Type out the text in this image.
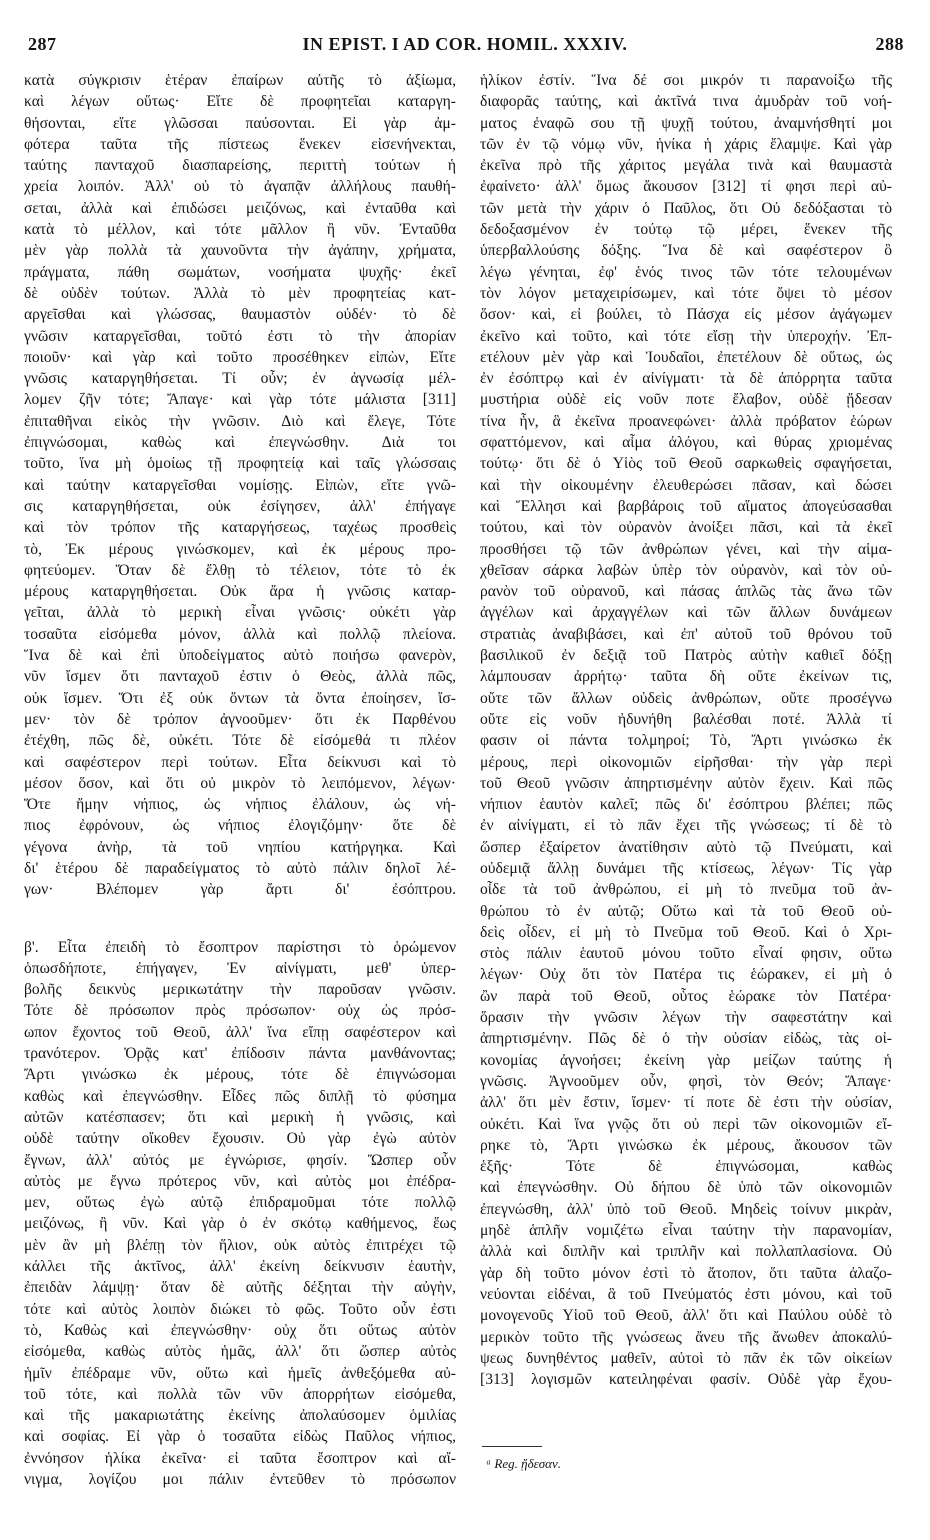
287	IN EPIST. I AD COR. HOMIL. XXXIV.	288
κατὰ σύγκρισιν ἑτέραν ἐπαίρων αὐτῆς τὸ ἀξίωμα,
καὶ λέγων οὕτως· Εἴτε δὲ προφητεῖαι καταργη-
θήσονται, εἴτε γλῶσσαι παύσονται. Εἰ γὰρ ἀμ-
φότερα ταῦτα τῆς πίστεως ἕνεκεν εἰσενήνεκται,
ταύτης πανταχοῦ διασπαρείσης, περιττὴ τούτων ἡ
χρεία λοιπόν. Ἀλλ' οὐ τὸ ἀγαπᾷν ἀλλήλους παυθή-
σεται, ἀλλὰ καὶ ἐπιδώσει μειζόνως, καὶ ἐνταῦθα καὶ
κατὰ τὸ μέλλον, καὶ τότε μᾶλλον ἢ νῦν. Ἐνταῦθα
μὲν γὰρ πολλὰ τὰ χαυνοῦντα τὴν ἀγάπην, χρήματα,
πράγματα, πάθη σωμάτων, νοσήματα ψυχῆς· ἐκεῖ
δὲ οὐδὲν τούτων. Ἀλλὰ τὸ μὲν προφητείας κατ-
αργεῖσθαι καὶ γλώσσας, θαυμαστὸν οὐδέν· τὸ δὲ
γνῶσιν καταργεῖσθαι, τοῦτό ἐστι τὸ τὴν ἀπορίαν
ποιοῦν· καὶ γὰρ καὶ τοῦτο προσέθηκεν εἰπὼν, Εἴτε
γνῶσις καταργηθήσεται. Τί οὖν; ἐν ἀγνωσίᾳ μέλ-
λομεν ζῆν τότε; Ἄπαγε· καὶ γὰρ τότε μάλιστα [311]
ἐπιταθῆναι εἰκὸς τὴν γνῶσιν. Διὸ καὶ ἔλεγε, Τότε
ἐπιγνώσομαι, καθὼς καὶ ἐπεγνώσθην. Διὰ τοι
τοῦτο, ἵνα μὴ ὁμοίως τῇ προφητείᾳ καὶ ταῖς γλώσσαις
καὶ ταύτην καταργεῖσθαι νομίσῃς. Εἰπὼν, εἴτε γνῶ-
σις καταργηθήσεται, οὐκ ἐσίγησεν, ἀλλ' ἐπήγαγε
καὶ τὸν τρόπον τῆς καταργήσεως, ταχέως προσθεὶς
τὸ, Ἐκ μέρους γινώσκομεν, καὶ ἐκ μέρους προ-
φητεύομεν. Ὅταν δὲ ἔλθῃ τὸ τέλειον, τότε τὸ ἐκ
μέρους καταργηθήσεται. Οὐκ ἄρα ἡ γνῶσις καταρ-
γεῖται, ἀλλὰ τὸ μερικὴ εἶναι γνῶσις· οὐκέτι γὰρ
τοσαῦτα εἰσόμεθα μόνον, ἀλλὰ καὶ πολλῷ πλείονα.
Ἵνα δὲ καὶ ἐπὶ ὑποδείγματος αὐτὸ ποιήσω φανερὸν,
νῦν ἴσμεν ὅτι πανταχοῦ ἐστιν ὁ Θεὸς, ἀλλὰ πῶς,
οὐκ ἴσμεν. Ὅτι ἐξ οὐκ ὄντων τὰ ὄντα ἐποίησεν, ἴσ-
μεν· τὸν δὲ τρόπον ἀγνοοῦμεν· ὅτι ἐκ Παρθένου
ἐτέχθη, πῶς δὲ, οὐκέτι. Τότε δὲ εἰσόμεθά τι πλέον
καὶ σαφέστερον περὶ τούτων. Εἶτα δείκνυσι καὶ τὸ
μέσον ὅσον, καὶ ὅτι οὐ μικρὸν τὸ λειπόμενον, λέγων·
Ὅτε ἤμην νήπιος, ὡς νήπιος ἐλάλουν, ὡς νή-
πιος ἐφρόνουν, ὡς νήπιος ἐλογιζόμην· ὅτε δὲ
γέγονα ἀνὴρ, τὰ τοῦ νηπίου κατήργηκα. Καὶ
δι' ἑτέρου δὲ παραδείγματος τὸ αὐτὸ πάλιν δηλοῖ λέ-
γων· Βλέπομεν γὰρ ἄρτι δι' ἐσόπτρου.
β'. Εἶτα ἐπειδὴ τὸ ἔσοπτρον παρίστησι τὸ ὁρώμενον
ὁπωσδήποτε, ἐπήγαγεν, Ἐν αἰνίγματι, μεθ' ὑπερ-
βολῆς δεικνὺς μερικωτάτην τὴν παροῦσαν γνῶσιν.
Τότε δὲ πρόσωπον πρὸς πρόσωπον· οὐχ ὡς πρόσ-
ωπον ἔχοντος τοῦ Θεοῦ, ἀλλ' ἵνα εἴπῃ σαφέστερον καὶ
τρανότερον. Ὁρᾷς κατ' ἐπίδοσιν πάντα μανθάνοντας;
Ἄρτι γινώσκω ἐκ μέρους, τότε δὲ ἐπιγνώσομαι
καθὼς καὶ ἐπεγνώσθην. Εἶδες πῶς διπλῇ τὸ φύσημα
αὐτῶν κατέσπασεν; ὅτι καὶ μερικὴ ἡ γνῶσις, καὶ
οὐδὲ ταύτην οἴκοθεν ἔχουσιν. Οὐ γὰρ ἐγὼ αὐτὸν
ἔγνων, ἀλλ' αὐτός με ἐγνώρισε, φησίν. Ὥσπερ οὖν
αὐτὸς με ἔγνω πρότερος νῦν, καὶ αὐτὸς μοι ἐπέδρα-
μεν, οὕτως ἐγὼ αὐτῷ ἐπιδραμοῦμαι τότε πολλῷ
μειζόνως, ἢ νῦν. Καὶ γὰρ ὁ ἐν σκότῳ καθήμενος, ἕως
μὲν ἂν μὴ βλέπῃ τὸν ἥλιον, οὐκ αὐτὸς ἐπιτρέχει τῷ
κάλλει τῆς ἀκτῖνος, ἀλλ' ἐκείνη δείκνυσιν ἑαυτὴν,
ἐπειδὰν λάμψῃ· ὅταν δὲ αὐτῆς δέξηται τὴν αὐγὴν,
τότε καὶ αὐτὸς λοιπὸν διώκει τὸ φῶς. Τοῦτο οὖν ἐστι
τὸ, Καθὼς καὶ ἐπεγνώσθην· οὐχ ὅτι οὕτως αὐτὸν
εἰσόμεθα, καθὼς αὐτὸς ἡμᾶς, ἀλλ' ὅτι ὥσπερ αὐτὸς
ἡμῖν ἐπέδραμε νῦν, οὕτω καὶ ἡμεῖς ἀνθεξόμεθα αὐ-
τοῦ τότε, καὶ πολλὰ τῶν νῦν ἀπορρήτων εἰσόμεθα,
καὶ τῆς μακαριωτάτης ἐκείνης ἀπολαύσομεν ὁμιλίας
καὶ σοφίας. Εἰ γὰρ ὁ τοσαῦτα εἰδὼς Παῦλος νήπιος,
ἐννόησον ἡλίκα ἐκεῖνα· εἰ ταῦτα ἔσοπτρον καὶ αἴ-
νιγμα, λογίζου μοι πάλιν ἐντεῦθεν τὸ πρόσωπον
ἡλίκον ἐστίν. Ἵνα δέ σοι μικρόν τι παρανοίξω τῆς
διαφορᾶς ταύτης, καὶ ἀκτῖνά τινα ἀμυδρὰν τοῦ νοή-
ματος ἐναφῶ σου τῇ ψυχῇ τούτου, ἀναμνήσθητί μοι
τῶν ἐν τῷ νόμῳ νῦν, ἡνίκα ἡ χάρις ἔλαμψε. Καὶ γὰρ
ἐκεῖνα πρὸ τῆς χάριτος μεγάλα τινὰ καὶ θαυμαστὰ
ἐφαίνετο· ἀλλ' ὅμως ἄκουσον [312] τί φησι περὶ αὐ-
τῶν μετὰ τὴν χάριν ὁ Παῦλος, ὅτι Οὐ δεδόξασται τὸ
δεδοξασμένον ἐν τούτῳ τῷ μέρει, ἕνεκεν τῆς
ὑπερβαλλούσης δόξης. Ἵνα δὲ καὶ σαφέστερον ὃ
λέγω γένηται, ἐφ' ἑνός τινος τῶν τότε τελουμένων
τὸν λόγον μεταχειρίσωμεν, καὶ τότε ὄψει τὸ μέσον
ὅσον· καὶ, εἰ βούλει, τὸ Πάσχα εἰς μέσον ἀγάγωμεν
ἐκεῖνο καὶ τοῦτο, καὶ τότε εἴσῃ τὴν ὑπεροχήν. Ἐπ-
ετέλουν μὲν γὰρ καὶ Ἰουδαῖοι, ἐπετέλουν δὲ οὕτως, ὡς
ἐν ἐσόπτρῳ καὶ ἐν αἰνίγματι· τὰ δὲ ἀπόρρητα ταῦτα
μυστήρια οὐδὲ εἰς νοῦν ποτε ἔλαβον, οὐδὲ ᾔδεσαν
τίνα ἦν, ἃ ἐκεῖνα προανεφώνει· ἀλλὰ πρόβατον ἑώρων
σφαττόμενον, καὶ αἷμα ἀλόγου, καὶ θύρας χριομένας
τούτῳ· ὅτι δὲ ὁ Υἱὸς τοῦ Θεοῦ σαρκωθεὶς σφαγήσεται,
καὶ τὴν οἰκουμένην ἐλευθερώσει πᾶσαν, καὶ δώσει
καὶ Ἕλλησι καὶ βαρβάροις τοῦ αἵματος ἀπογεύσασθαι
τούτου, καὶ τὸν οὐρανὸν ἀνοίξει πᾶσι, καὶ τὰ ἐκεῖ
προσθήσει τῷ τῶν ἀνθρώπων γένει, καὶ τὴν αἱμα-
χθεῖσαν σάρκα λαβὼν ὑπὲρ τὸν οὐρανὸν, καὶ τὸν οὐ-
ρανὸν τοῦ οὐρανοῦ, καὶ πάσας ἁπλῶς τὰς ἄνω τῶν
ἀγγέλων καὶ ἀρχαγγέλων καὶ τῶν ἄλλων δυνάμεων
στρατιὰς ἀναβιβάσει, καὶ ἐπ' αὐτοῦ τοῦ θρόνου τοῦ
βασιλικοῦ ἐν δεξιᾷ τοῦ Πατρὸς αὐτὴν καθιεῖ δόξῃ
λάμπουσαν ἀρρήτῳ· ταῦτα δὴ οὔτε ἐκείνων τις,
οὔτε τῶν ἄλλων οὐδεὶς ἀνθρώπων, οὔτε προσέγνω
οὔτε εἰς νοῦν ἠδυνήθη βαλέσθαι ποτέ. Ἀλλὰ τί
φασιν οἱ πάντα τολμηροί; Τὸ, Ἄρτι γινώσκω ἐκ
μέρους, περὶ οἰκονομιῶν εἰρῆσθαι· τὴν γὰρ περὶ
τοῦ Θεοῦ γνῶσιν ἀπηρτισμένην αὐτὸν ἔχειν. Καὶ πῶς
νήπιον ἑαυτὸν καλεῖ; πῶς δι' ἐσόπτρου βλέπει; πῶς
ἐν αἰνίγματι, εἰ τὸ πᾶν ἔχει τῆς γνώσεως; τί δὲ τὸ
ὥσπερ ἐξαίρετον ἀνατίθησιν αὐτὸ τῷ Πνεύματι, καὶ
οὐδεμιᾷ ἄλλῃ δυνάμει τῆς κτίσεως, λέγων· Τίς γὰρ
οἶδε τὰ τοῦ ἀνθρώπου, εἰ μὴ τὸ πνεῦμα τοῦ ἀν-
θρώπου τὸ ἐν αὐτῷ; Οὕτω καὶ τὰ τοῦ Θεοῦ οὐ-
δεὶς οἶδεν, εἰ μὴ τὸ Πνεῦμα τοῦ Θεοῦ. Καὶ ὁ Χρι-
στὸς πάλιν ἑαυτοῦ μόνου τοῦτο εἶναί φησιν, οὕτω
λέγων· Οὐχ ὅτι τὸν Πατέρα τις ἑώρακεν, εἰ μὴ ὁ
ὢν παρὰ τοῦ Θεοῦ, οὗτος ἑώρακε τὸν Πατέρα·
ὅρασιν τὴν γνῶσιν λέγων τὴν σαφεστάτην καὶ
ἀπηρτισμένην. Πῶς δὲ ὁ τὴν οὐσίαν εἰδὼς, τὰς οἰ-
κονομίας ἀγνοήσει; ἐκείνη γὰρ μείζων ταύτης ἡ
γνῶσις. Ἀγνοοῦμεν οὖν, φησὶ, τὸν Θεόν; Ἄπαγε·
ἀλλ' ὅτι μὲν ἔστιν, ἴσμεν· τί ποτε δὲ ἐστι τὴν οὐσίαν,
οὐκέτι. Καὶ ἵνα γνῷς ὅτι οὐ περὶ τῶν οἰκονομιῶν εἴ-
ρηκε τὸ, Ἄρτι γινώσκω ἐκ μέρους, ἄκουσον τῶν
ἑξῆς· Τότε δὲ ἐπιγνώσομαι, καθὼς
καὶ ἐπεγνώσθην. Οὐ δήπου δὲ ὑπὸ τῶν οἰκονομιῶν
ἐπεγνώσθη, ἀλλ' ὑπὸ τοῦ Θεοῦ. Μηδεὶς τοίνυν μικρὰν,
μηδὲ ἁπλῆν νομιζέτω εἶναι ταύτην τὴν παρανομίαν,
ἀλλὰ καὶ διπλῆν καὶ τριπλῆν καὶ πολλαπλασίονα. Οὐ
γὰρ δὴ τοῦτο μόνον ἐστὶ τὸ ἄτοπον, ὅτι ταῦτα ἀλαζο-
νεύονται εἰδέναι, ἃ τοῦ Πνεύματός ἐστι μόνου, καὶ τοῦ
μονογενοῦς Υἱοῦ τοῦ Θεοῦ, ἀλλ' ὅτι καὶ Παύλου οὐδὲ τὸ
μερικὸν τοῦτο τῆς γνώσεως ἄνευ τῆς ἄνωθεν ἀποκαλύ-
ψεως δυνηθέντος μαθεῖν, αὐτοὶ τὸ πᾶν ἐκ τῶν οἰκείων
[313] λογισμῶν κατειληφέναι φασίν. Οὐδὲ γὰρ ἔχου-
ᵃ Reg. ᾔδεσαν.
